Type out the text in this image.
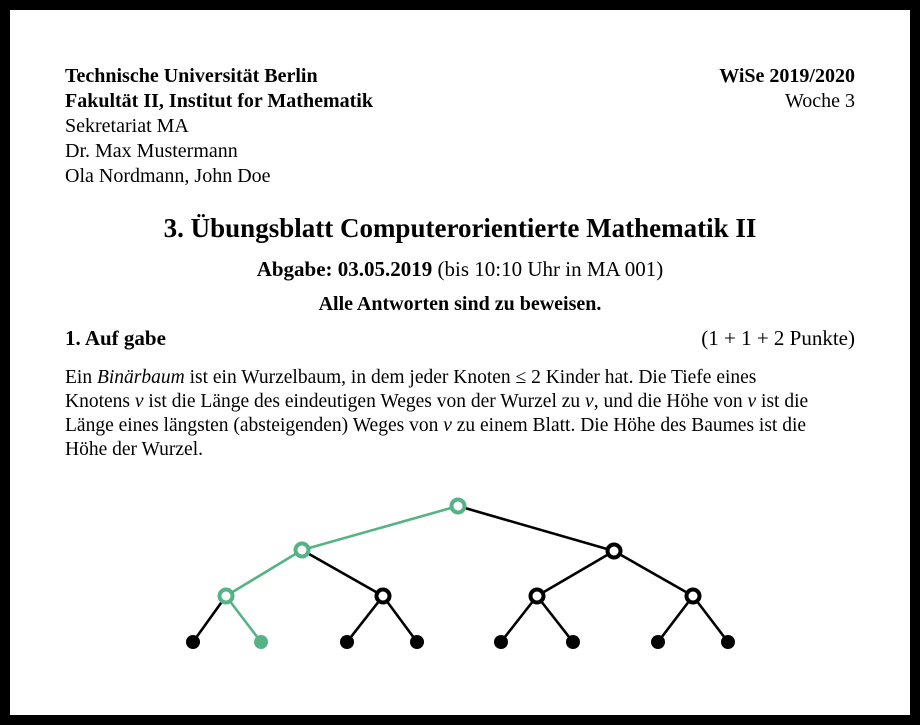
Technische Universität Berlin
Fakultät II, Institut for Mathematik
Sekretariat MA
Dr. Max Mustermann
Ola Nordmann, John Doe
WiSe 2019/2020
Woche 3
3. Übungsblatt Computerorientierte Mathematik II
Abgabe: 03.05.2019 (bis 10:10 Uhr in MA 001)
Alle Antworten sind zu beweisen.
1. Auf gabe	(1 + 1 + 2 Punkte)
Ein Binärbaum ist ein Wurzelbaum, in dem jeder Knoten ≤ 2 Kinder hat. Die Tiefe eines
Knotens v ist die Länge des eindeutigen Weges von der Wurzel zu v, und die Höhe von v ist die
Länge eines längsten (absteigenden) Weges von v zu einem Blatt. Die Höhe des Baumes ist die
Höhe der Wurzel.
